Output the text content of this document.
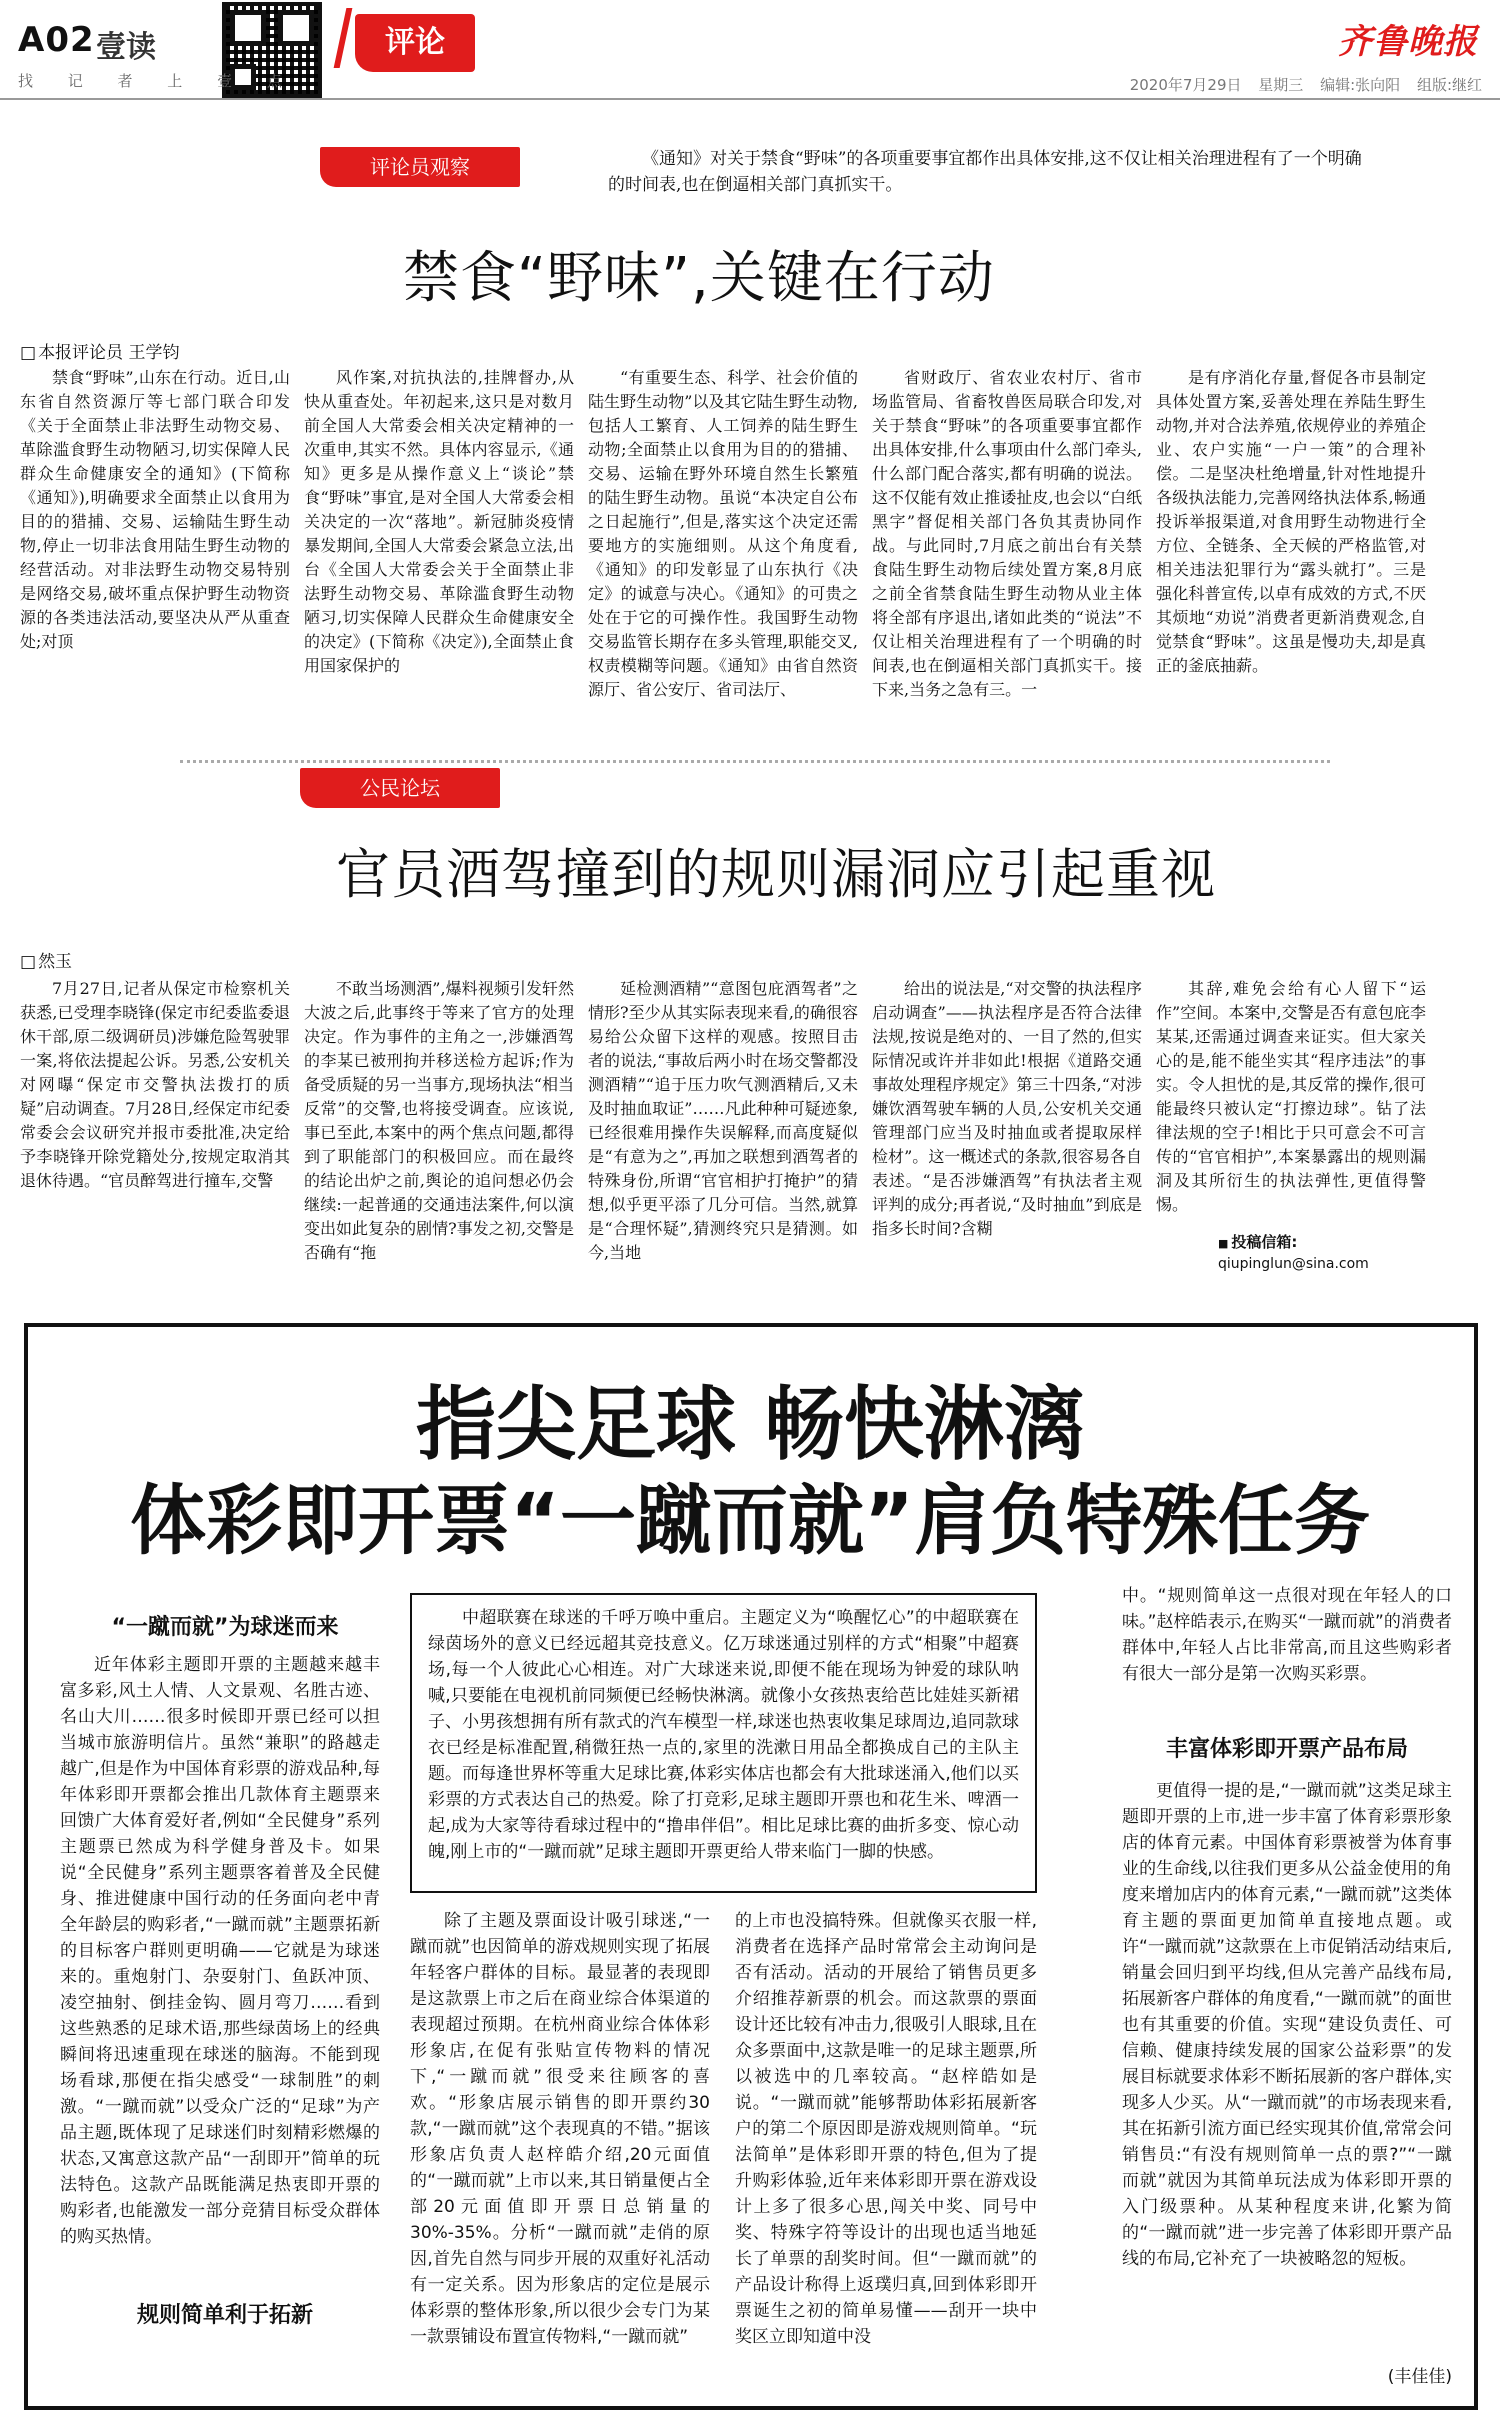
A02 壹读
找 记 者 上 壹 点
评论	齐鲁晚报
2020年7月29日 星期三 编辑:张向阳 组版:继红
评论员观察	《通知》对关于禁食“野味”的各项重要事宜都作出具体安排,这不仅让相关治理进程有了一个明确的时间表,也在倒逼相关部门真抓实干。
禁食“野味”,关键在行动
□ 本报评论员 王学钧

禁食“野味”,山东在行动。近日,山东省自然资源厅等七部门联合印发《关于全面禁止非法野生动物交易、革除滥食野生动物陋习,切实保障人民群众生命健康安全的通知》(下简称《通知》),明确要求全面禁止以食用为目的的猎捕、交易、运输陆生野生动物,停止一切非法食用陆生野生动物的经营活动。对非法野生动物交易特别是网络交易,破坏重点保护野生动物资源的各类违法活动,要坚决从严从重查处;对顶

风作案,对抗执法的,挂牌督办,从快从重查处。年初起来,这只是对数月前全国人大常委会相关决定精神的一次重申,其实不然。具体内容显示,《通知》更多是从操作意义上“谈论”禁食“野味”事宜,是对全国人大常委会相关决定的一次“落地”。新冠肺炎疫情暴发期间,全国人大常委会紧急立法,出台《全国人大常委会关于全面禁止非法野生动物交易、革除滥食野生动物陋习,切实保障人民群众生命健康安全的决定》(下简称《决定》),全面禁止食用国家保护的

“有重要生态、科学、社会价值的陆生野生动物”以及其它陆生野生动物,包括人工繁育、人工饲养的陆生野生动物;全面禁止以食用为目的的猎捕、交易、运输在野外环境自然生长繁殖的陆生野生动物。虽说“本决定自公布之日起施行”,但是,落实这个决定还需要地方的实施细则。从这个角度看,《通知》的印发彰显了山东执行《决定》的诚意与决心。《通知》的可贵之处在于它的可操作性。我国野生动物交易监管长期存在多头管理,职能交叉,权责模糊等问题。《通知》由省自然资源厅、省公安厅、省司法厅、

省财政厅、省农业农村厅、省市场监管局、省畜牧兽医局联合印发,对关于禁食“野味”的各项重要事宜都作出具体安排,什么事项由什么部门牵头,什么部门配合落实,都有明确的说法。这不仅能有效止推诿扯皮,也会以“白纸黑字”督促相关部门各负其责协同作战。与此同时,7月底之前出台有关禁食陆生野生动物后续处置方案,8月底之前全省禁食陆生野生动物从业主体将全部有序退出,诸如此类的“说法”不仅让相关治理进程有了一个明确的时间表,也在倒逼相关部门真抓实干。接下来,当务之急有三。一

是有序消化存量,督促各市县制定具体处置方案,妥善处理在养陆生野生动物,并对合法养殖,依规停业的养殖企业、农户实施“一户一策”的合理补偿。二是坚决杜绝增量,针对性地提升各级执法能力,完善网络执法体系,畅通投诉举报渠道,对食用野生动物进行全方位、全链条、全天候的严格监管,对相关违法犯罪行为“露头就打”。三是强化科普宣传,以卓有成效的方式,不厌其烦地“劝说”消费者更新消费观念,自觉禁食“野味”。这虽是慢功夫,却是真正的釜底抽薪。

公民论坛
官员酒驾撞到的规则漏洞应引起重视
□ 然玉

7月27日,记者从保定市检察机关获悉,已受理李晓锋(保定市纪委监委退休干部,原二级调研员)涉嫌危险驾驶罪一案,将依法提起公诉。另悉,公安机关对网曝“保定市交警执法拨打的质疑”启动调查。7月28日,经保定市纪委常委会会议研究并报市委批准,决定给予李晓锋开除党籍处分,按规定取消其退休待遇。“官员醉驾进行撞车,交警

不敢当场测酒”,爆料视频引发轩然大波之后,此事终于等来了官方的处理决定。作为事件的主角之一,涉嫌酒驾的李某已被刑拘并移送检方起诉;作为备受质疑的另一当事方,现场执法“相当反常”的交警,也将接受调查。应该说,事已至此,本案中的两个焦点问题,都得到了职能部门的积极回应。而在最终的结论出炉之前,舆论的追问想必仍会继续:一起普通的交通违法案件,何以演变出如此复杂的剧情?事发之初,交警是否确有“拖

延检测酒精”“意图包庇酒驾者”之情形?至少从其实际表现来看,的确很容易给公众留下这样的观感。按照目击者的说法,“事故后两小时在场交警都没测酒精”“追于压力吹气测酒精后,又未及时抽血取证”……凡此种种可疑迹象,已经很难用操作失误解释,而高度疑似是“有意为之”,再加之联想到酒驾者的特殊身份,所谓“官官相护打掩护”的猜想,似乎更平添了几分可信。当然,就算是“合理怀疑”,猜测终究只是猜测。如今,当地

给出的说法是,“对交警的执法程序启动调查”——执法程序是否符合法律法规,按说是绝对的、一目了然的,但实际情况或许并非如此!根据《道路交通事故处理程序规定》第三十四条,“对涉嫌饮酒驾驶车辆的人员,公安机关交通管理部门应当及时抽血或者提取尿样检材”。这一概述式的条款,很容易各自表述。“是否涉嫌酒驾”有执法者主观评判的成分;再者说,“及时抽血”到底是指多长时间?含糊

其辞,难免会给有心人留下“运作”空间。本案中,交警是否有意包庇李某某,还需通过调查来证实。但大家关心的是,能不能坐实其“程序违法”的事实。令人担忧的是,其反常的操作,很可能最终只被认定“打擦边球”。钻了法律法规的空子!相比于只可意会不可言传的“官官相护”,本案暴露出的规则漏洞及其所衍生的执法弹性,更值得警惕。

■ 投稿信箱:
qiupinglun@sina.com
指尖足球 畅快淋漓
体彩即开票“一蹴而就”肩负特殊任务
“一蹴而就”为球迷而来

近年体彩主题即开票的主题越来越丰富多彩,风土人情、人文景观、名胜古迹、名山大川……很多时候即开票已经可以担当城市旅游明信片。虽然“兼职”的路越走越广,但是作为中国体育彩票的游戏品种,每年体彩即开票都会推出几款体育主题票来回馈广大体育爱好者,例如“全民健身”系列主题票已然成为科学健身普及卡。如果说“全民健身”系列主题票客着普及全民健身、推进健康中国行动的任务面向老中青全年龄层的购彩者,“一蹴而就”主题票拓新的目标客户群则更明确——它就是为球迷来的。重炮射门、杂耍射门、鱼跃冲顶、凌空抽射、倒挂金钩、圆月弯刀……看到这些熟悉的足球术语,那些绿茵场上的经典瞬间将迅速重现在球迷的脑海。不能到现场看球,那便在指尖感受“一球制胜”的刺激。“一蹴而就”以受众广泛的“足球”为产品主题,既体现了足球迷们时刻精彩燃爆的状态,又寓意这款产品“一刮即开”简单的玩法特色。这款产品既能满足热衷即开票的购彩者,也能激发一部分竞猜目标受众群体的购买热情。

规则简单利于拓新

中超联赛在球迷的千呼万唤中重启。主题定义为“唤醒忆心”的中超联赛在绿茵场外的意义已经远超其竞技意义。亿万球迷通过别样的方式“相聚”中超赛场,每一个人彼此心心相连。对广大球迷来说,即便不能在现场为钟爱的球队呐喊,只要能在电视机前同频便已经畅快淋漓。就像小女孩热衷给芭比娃娃买新裙子、小男孩想拥有所有款式的汽车模型一样,球迷也热衷收集足球周边,追同款球衣已经是标准配置,稍微狂热一点的,家里的洗漱日用品全都换成自己的主队主题。而每逢世界杯等重大足球比赛,体彩实体店也都会有大批球迷涌入,他们以买彩票的方式表达自己的热爱。除了打竞彩,足球主题即开票也和花生米、啤酒一起,成为大家等待看球过程中的“撸串伴侣”。相比足球比赛的曲折多变、惊心动魄,刚上市的“一蹴而就”足球主题即开票更给人带来临门一脚的快感。

除了主题及票面设计吸引球迷,“一蹴而就”也因简单的游戏规则实现了拓展年轻客户群体的目标。最显著的表现即是这款票上市之后在商业综合体渠道的表现超过预期。在杭州商业综合体体彩形象店,在促有张贴宣传物料的情况下,“一蹴而就”很受来往顾客的喜欢。“形象店展示销售的即开票约30款,“一蹴而就”这个表现真的不错。”据该形象店负责人赵梓皓介绍,20元面值的“一蹴而就”上市以来,其日销量便占全部20元面值即开票日总销量的30%-35%。分析“一蹴而就”走俏的原因,首先自然与同步开展的双重好礼活动有一定关系。因为形象店的定位是展示体彩票的整体形象,所以很少会专门为某一款票铺设布置宣传物料,“一蹴而就”

的上市也没搞特殊。但就像买衣服一样,消费者在选择产品时常常会主动询问是否有活动。活动的开展给了销售员更多介绍推荐新票的机会。而这款票的票面设计还比较有冲击力,很吸引人眼球,且在众多票面中,这款是唯一的足球主题票,所以被选中的几率较高。“赵梓皓如是说。“一蹴而就”能够帮助体彩拓展新客户的第二个原因即是游戏规则简单。“玩法简单”是体彩即开票的特色,但为了提升购彩体验,近年来体彩即开票在游戏设计上多了很多心思,闯关中奖、同号中奖、特殊字符等设计的出现也适当地延长了单票的刮奖时间。但“一蹴而就”的产品设计称得上返璞归真,回到体彩即开票诞生之初的简单易懂——刮开一块中奖区立即知道中没

中。“规则简单这一点很对现在年轻人的口味。”赵梓皓表示,在购买“一蹴而就”的消费者群体中,年轻人占比非常高,而且这些购彩者有很大一部分是第一次购买彩票。

丰富体彩即开票产品布局

更值得一提的是,“一蹴而就”这类足球主题即开票的上市,进一步丰富了体育彩票形象店的体育元素。中国体育彩票被誉为体育事业的生命线,以往我们更多从公益金使用的角度来增加店内的体育元素,“一蹴而就”这类体育主题的票面更加简单直接地点题。或许“一蹴而就”这款票在上市促销活动结束后,销量会回归到平均线,但从完善产品线布局,拓展新客户群体的角度看,“一蹴而就”的面世也有其重要的价值。实现“建设负责任、可信赖、健康持续发展的国家公益彩票”的发展目标就要求体彩不断拓展新的客户群体,实现多人少买。从“一蹴而就”的市场表现来看,其在拓新引流方面已经实现其价值,常常会问销售员:“有没有规则简单一点的票?”“一蹴而就”就因为其简单玩法成为体彩即开票的入门级票种。从某种程度来讲,化繁为简的“一蹴而就”进一步完善了体彩即开票产品线的布局,它补充了一块被略忽的短板。

(丰佳佳)
